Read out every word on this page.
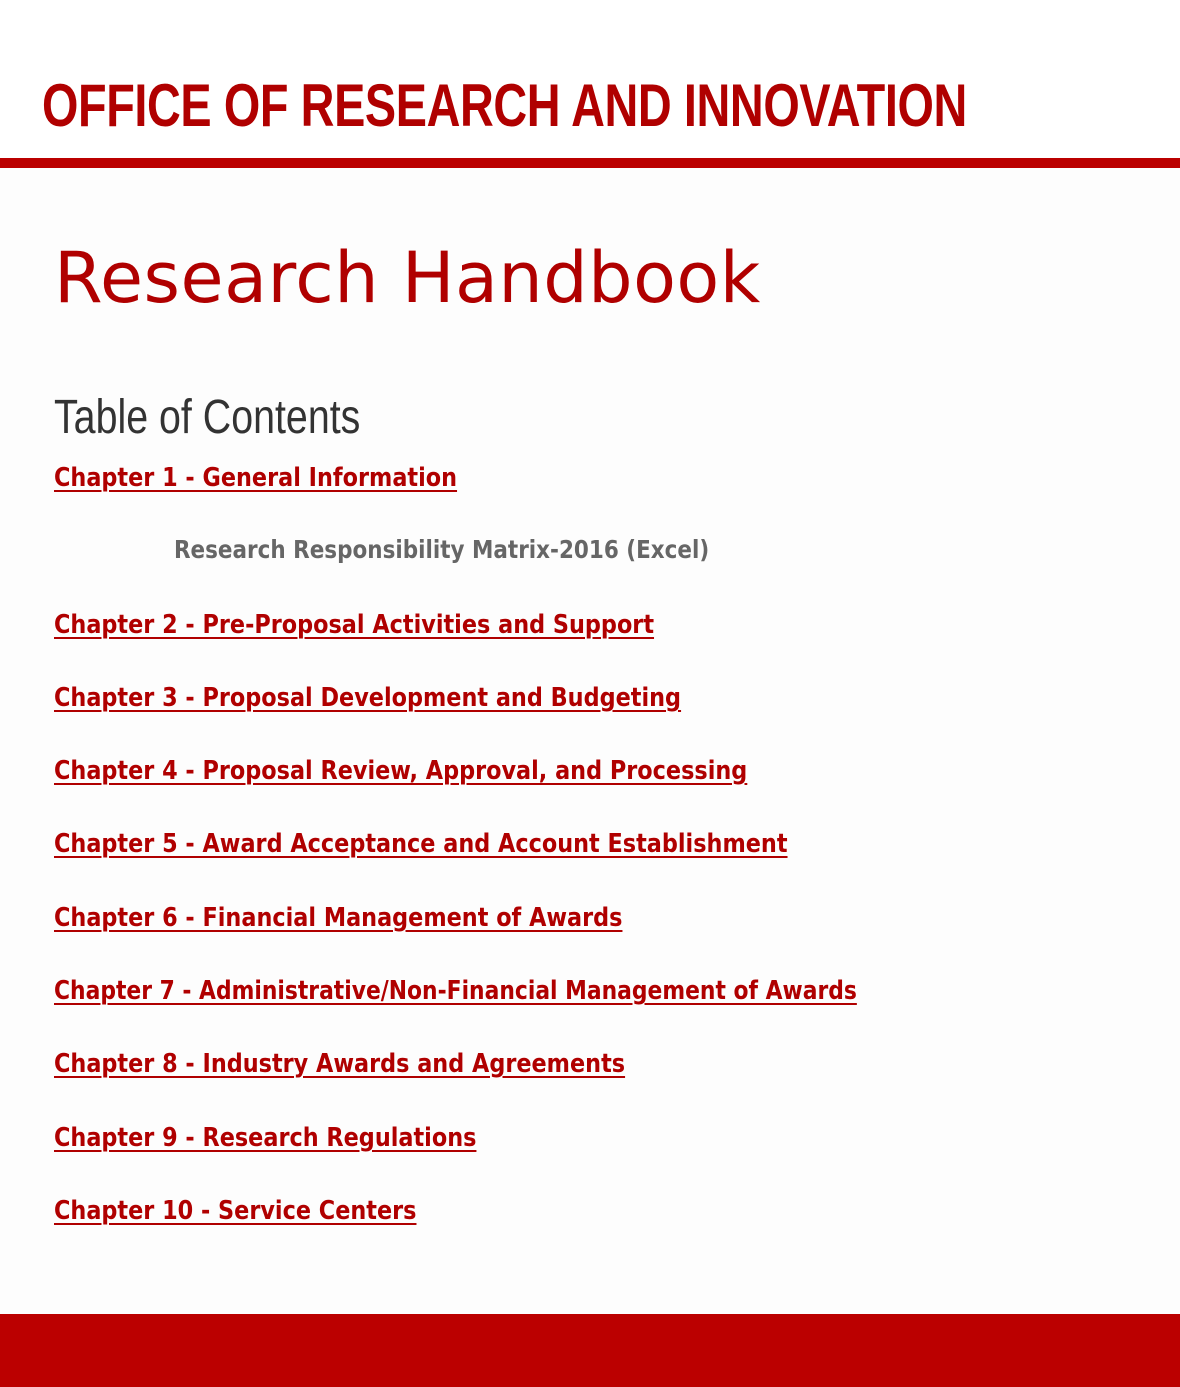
OFFICE OF RESEARCH AND INNOVATION
Research Handbook
Table of Contents
Chapter 1 - General Information
Research Responsibility Matrix-2016 (Excel)
Chapter 2 - Pre-Proposal Activities and Support
Chapter 3 - Proposal Development and Budgeting
Chapter 4 - Proposal Review, Approval, and Processing
Chapter 5 - Award Acceptance and Account Establishment
Chapter 6 - Financial Management of Awards
Chapter 7 - Administrative/Non-Financial Management of Awards
Chapter 8 - Industry Awards and Agreements
Chapter 9 - Research Regulations
Chapter 10 - Service Centers
